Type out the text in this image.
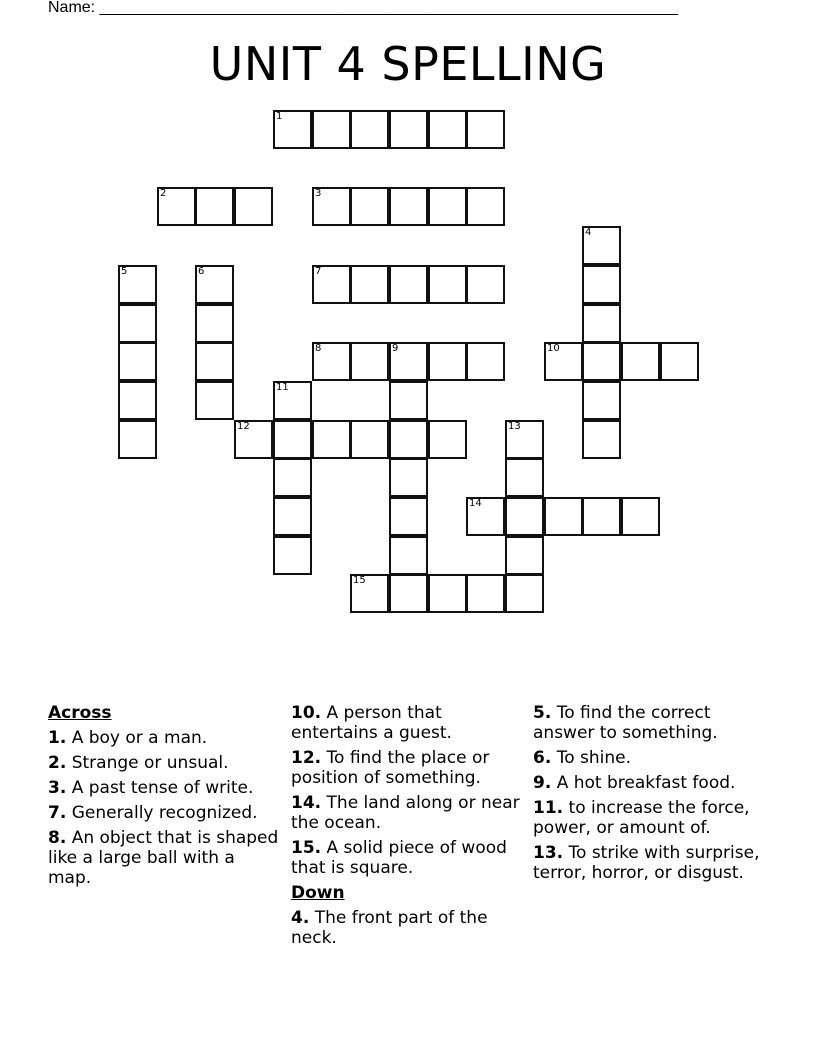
Name: _________________________________________________________________
UNIT 4 SPELLING
1
2	3
4
5	6	7
8	9	10
11
12	13
14
15
Across
1. A boy or a man.
2. Strange or unsual.
3. A past tense of write.
7. Generally recognized.
8. An object that is shaped like a large ball with a map.
10. A person that entertains a guest.
12. To find the place or position of something.
14. The land along or near the ocean.
15. A solid piece of wood that is square.
Down
4. The front part of the neck.
5. To find the correct answer to something.
6. To shine.
9. A hot breakfast food.
11. to increase the force, power, or amount of.
13. To strike with surprise, terror, horror, or disgust.
